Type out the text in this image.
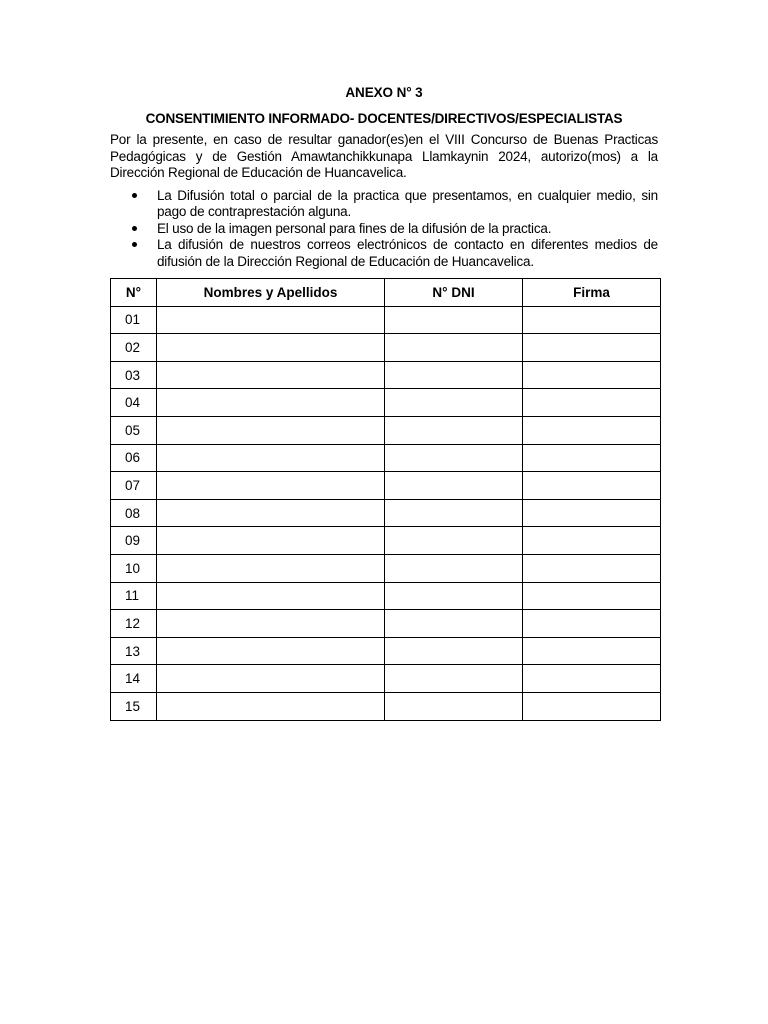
ANEXO N° 3
CONSENTIMIENTO INFORMADO- DOCENTES/DIRECTIVOS/ESPECIALISTAS

Por la presente, en caso de resultar ganador(es)en el VIII Concurso de Buenas Practicas Pedagógicas y de Gestión Amawtanchikkunapa Llamkaynin 2024, autorizo(mos) a la Dirección Regional de Educación de Huancavelica.

La Difusión total o parcial de la practica que presentamos, en cualquier medio, sin pago de contraprestación alguna.
El uso de la imagen personal para fines de la difusión de la practica.
La difusión de nuestros correos electrónicos de contacto en diferentes medios de difusión de la Dirección Regional de Educación de Huancavelica.
N°	Nombres y Apellidos	N° DNI	Firma
01			
02			
03			
04			
05			
06			
07			
08			
09			
10			
11			
12			
13			
14			
15			
